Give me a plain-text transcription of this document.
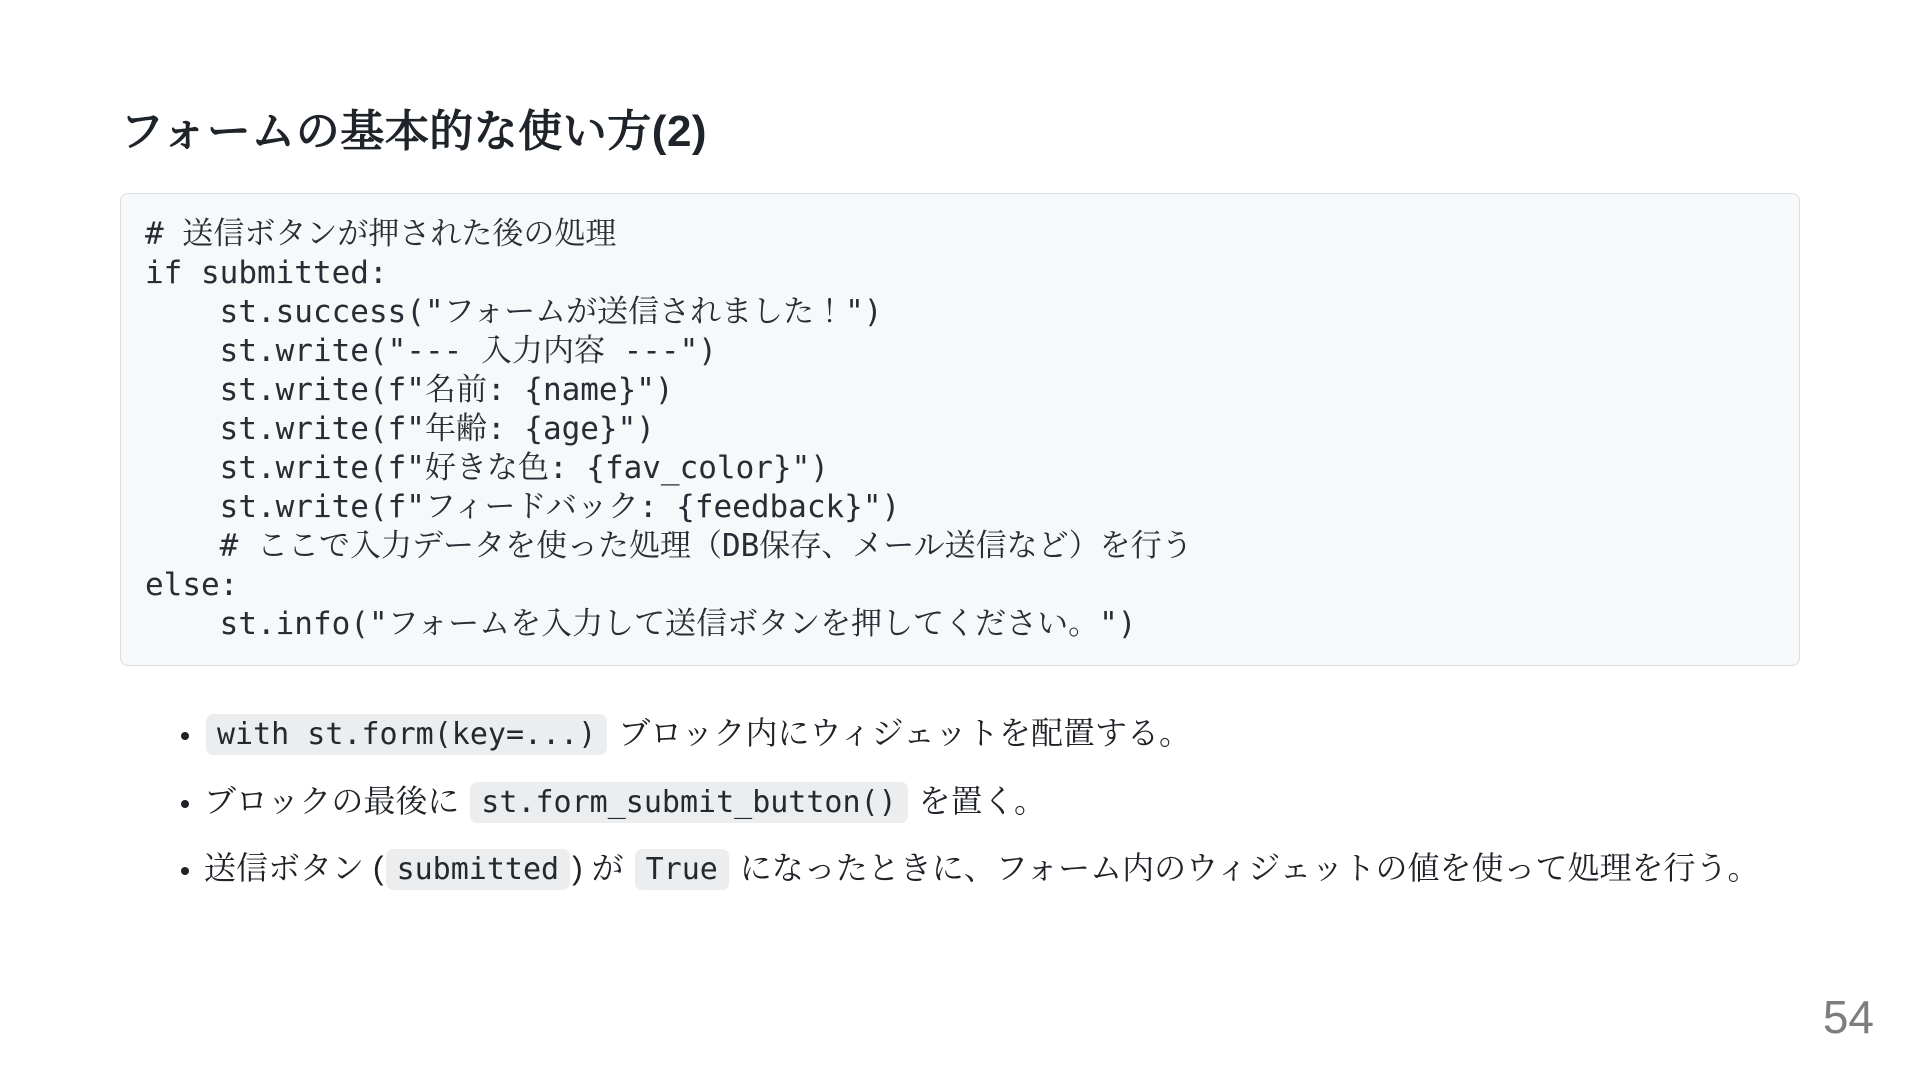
フォームの基本的な使い方(2)
# 送信ボタンが押された後の処理
if submitted:
st.success("フォームが送信されました！")
st.write("--- 入力内容 ---")
st.write(f"名前: {name}")
st.write(f"年齢: {age}")
st.write(f"好きな色: {fav_color}")
st.write(f"フィードバック: {feedback}")
# ここで入力データを使った処理（DB保存、メール送信など）を行う
else:
st.info("フォームを入力して送信ボタンを押してください。")
• with st.form(key=...) ブロック内にウィジェットを配置する。
• ブロックの最後に st.form_submit_button() を置く。
• 送信ボタン ( submitted ) が True になったときに、フォーム内のウィジェットの値を使って処理を行う。
54
